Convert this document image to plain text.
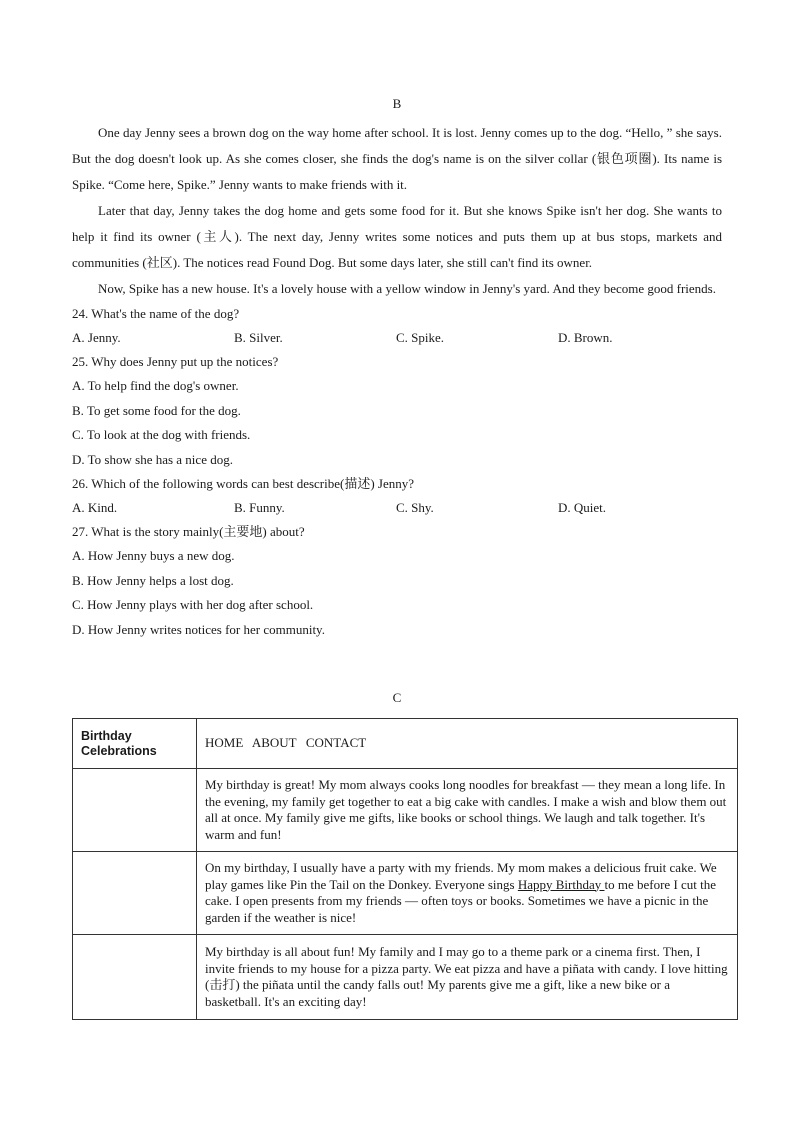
B

One day Jenny sees a brown dog on the way home after school. It is lost. Jenny comes up to the dog. “Hello, ” she says. But the dog doesn't look up. As she comes closer, she finds the dog's name is on the silver collar (银色项圈). Its name is Spike. “Come here, Spike.” Jenny wants to make friends with it.

Later that day, Jenny takes the dog home and gets some food for it. But she knows Spike isn't her dog. She wants to help it find its owner (主人). The next day, Jenny writes some notices and puts them up at bus stops, markets and communities (社区). The notices read Found Dog. But some days later, she still can't find its owner.

Now, Spike has a new house. It's a lovely house with a yellow window in Jenny's yard. And they become good friends.

24. What's the name of the dog?

A. Jenny.	B. Silver.	C. Spike.	D. Brown.

25. Why does Jenny put up the notices?

A. To help find the dog's owner.

B. To get some food for the dog.

C. To look at the dog with friends.

D. To show she has a nice dog.

26. Which of the following words can best describe(描述) Jenny?

A. Kind.	B. Funny.	C. Shy.	D. Quiet.

27. What is the story mainly(主要地) about?

A. How Jenny buys a new dog.

B. How Jenny helps a lost dog.

C. How Jenny plays with her dog after school.

D. How Jenny writes notices for her community.

C
Birthday
Celebrations	HOME ABOUT CONTACT
	My birthday is great! My mom always cooks long noodles for breakfast — they mean a long life. In the evening, my family get together to eat a big cake with candles. I make a wish and blow them out all at once. My family give me gifts, like books or school things. We laugh and talk together. It's warm and fun!
	On my birthday, I usually have a party with my friends. My mom makes a delicious fruit cake. We play games like Pin the Tail on the Donkey. Everyone sings Happy Birthday to me before I cut the cake. I open presents from my friends — often toys or books. Sometimes we have a picnic in the garden if the weather is nice!
	My birthday is all about fun! My family and I may go to a theme park or a cinema first. Then, I invite friends to my house for a pizza party. We eat pizza and have a piñata with candy. I love hitting (击打) the piñata until the candy falls out! My parents give me a gift, like a new bike or a basketball. It's an exciting day!
